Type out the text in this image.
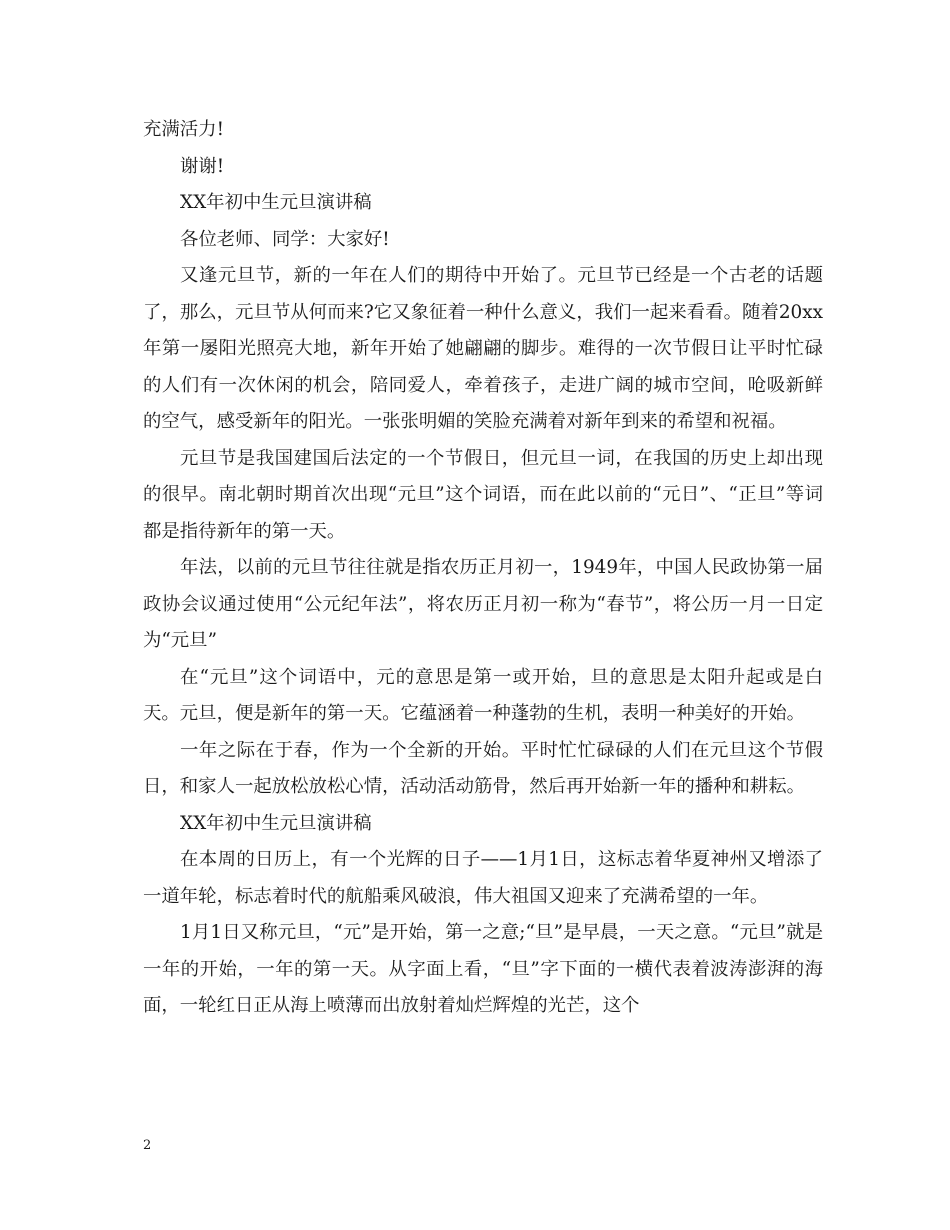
充满活力!

谢谢!

XX年初中生元旦演讲稿

各位老师、同学：大家好!

又逢元旦节，新的一年在人们的期待中开始了。元旦节已经是一个古老的话题了，那么，元旦节从何而来?它又象征着一种什么意义，我们一起来看看。随着20xx年第一屡阳光照亮大地，新年开始了她翩翩的脚步。难得的一次节假日让平时忙碌的人们有一次休闲的机会，陪同爱人，牵着孩子，走进广阔的城市空间，呛吸新鲜的空气，感受新年的阳光。一张张明媚的笑脸充满着对新年到来的希望和祝福。

元旦节是我国建国后法定的一个节假日，但元旦一词，在我国的历史上却出现的很早。南北朝时期首次出现“元旦”这个词语，而在此以前的“元日”、“正旦”等词都是指待新年的第一天。

年法，以前的元旦节往往就是指农历正月初一，1949年，中国人民政协第一届政协会议通过使用“公元纪年法”，将农历正月初一称为“春节”，将公历一月一日定为“元旦”

在“元旦”这个词语中，元的意思是第一或开始，旦的意思是太阳升起或是白天。元旦，便是新年的第一天。它蕴涵着一种蓬勃的生机，表明一种美好的开始。

一年之际在于春，作为一个全新的开始。平时忙忙碌碌的人们在元旦这个节假日，和家人一起放松放松心情，活动活动筋骨，然后再开始新一年的播种和耕耘。

XX年初中生元旦演讲稿

在本周的日历上，有一个光辉的日子——1月1日，这标志着华夏神州又增添了一道年轮，标志着时代的航船乘风破浪，伟大祖国又迎来了充满希望的一年。

1月1日又称元旦，“元”是开始，第一之意;“旦”是早晨，一天之意。“元旦”就是一年的开始，一年的第一天。从字面上看，“旦”字下面的一横代表着波涛澎湃的海面，一轮红日正从海上喷薄而出放射着灿烂辉煌的光芒，这个

2
